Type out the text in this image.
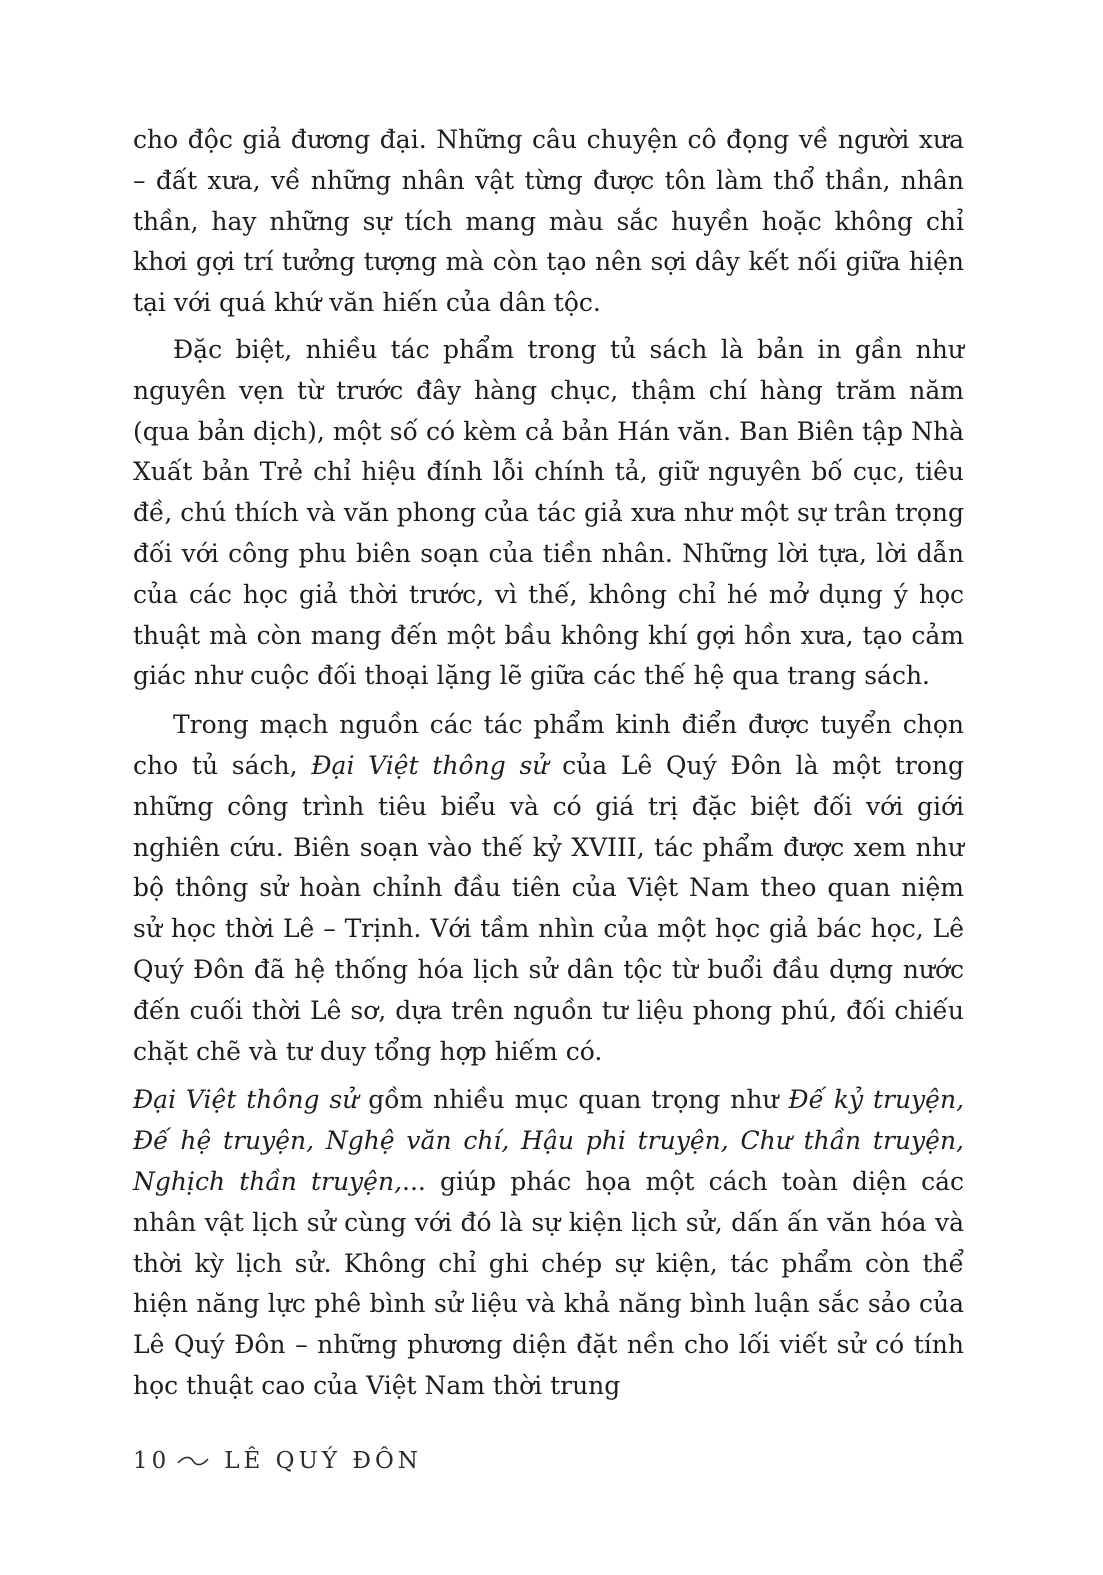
cho độc giả đương đại. Những câu chuyện cô đọng về người xưa – đất xưa, về những nhân vật từng được tôn làm thổ thần, nhân thần, hay những sự tích mang màu sắc huyền hoặc không chỉ khơi gợi trí tưởng tượng mà còn tạo nên sợi dây kết nối giữa hiện tại với quá khứ văn hiến của dân tộc.

Đặc biệt, nhiều tác phẩm trong tủ sách là bản in gần như nguyên vẹn từ trước đây hàng chục, thậm chí hàng trăm năm (qua bản dịch), một số có kèm cả bản Hán văn. Ban Biên tập Nhà Xuất bản Trẻ chỉ hiệu đính lỗi chính tả, giữ nguyên bố cục, tiêu đề, chú thích và văn phong của tác giả xưa như một sự trân trọng đối với công phu biên soạn của tiền nhân. Những lời tựa, lời dẫn của các học giả thời trước, vì thế, không chỉ hé mở dụng ý học thuật mà còn mang đến một bầu không khí gợi hồn xưa, tạo cảm giác như cuộc đối thoại lặng lẽ giữa các thế hệ qua trang sách.

Trong mạch nguồn các tác phẩm kinh điển được tuyển chọn cho tủ sách, Đại Việt thông sử của Lê Quý Đôn là một trong những công trình tiêu biểu và có giá trị đặc biệt đối với giới nghiên cứu. Biên soạn vào thế kỷ XVIII, tác phẩm được xem như bộ thông sử hoàn chỉnh đầu tiên của Việt Nam theo quan niệm sử học thời Lê – Trịnh. Với tầm nhìn của một học giả bác học, Lê Quý Đôn đã hệ thống hóa lịch sử dân tộc từ buổi đầu dựng nước đến cuối thời Lê sơ, dựa trên nguồn tư liệu phong phú, đối chiếu chặt chẽ và tư duy tổng hợp hiếm có.

Đại Việt thông sử gồm nhiều mục quan trọng như Đế kỷ truyện, Đế hệ truyện, Nghệ văn chí, Hậu phi truyện, Chư thần truyện, Nghịch thần truyện,... giúp phác họa một cách toàn diện các nhân vật lịch sử cùng với đó là sự kiện lịch sử, dấn ấn văn hóa và thời kỳ lịch sử. Không chỉ ghi chép sự kiện, tác phẩm còn thể hiện năng lực phê bình sử liệu và khả năng bình luận sắc sảo của Lê Quý Đôn – những phương diện đặt nền cho lối viết sử có tính học thuật cao của Việt Nam thời trung

10 LÊ QUÝ ĐÔN
